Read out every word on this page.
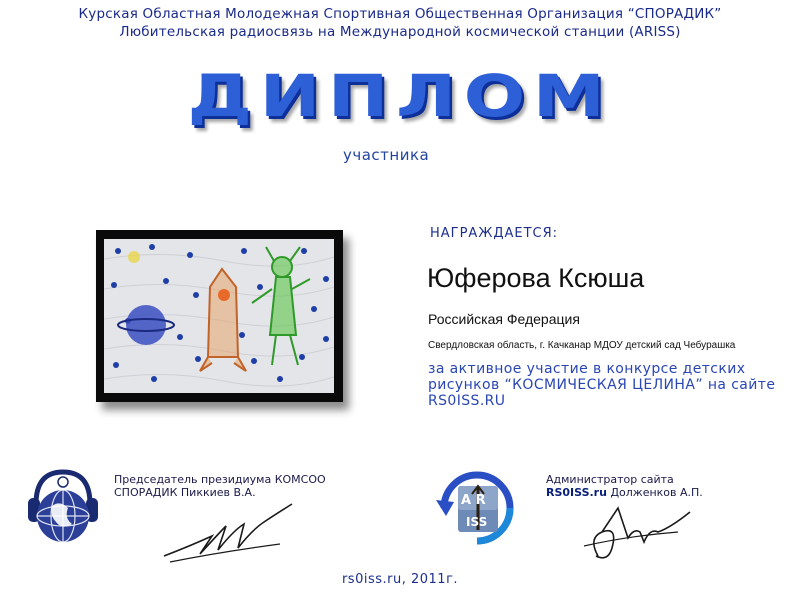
Курская Областная Молодежная Спортивная Общественная Организация “СПОРАДИК”
Любительская радиосвязь на Международной космической станции (ARISS)
ДИПЛОМ
участника
НАГРАЖДАЕТСЯ:
Юферова Ксюша
Российская Федерация
Свердловская область, г. Качканар МДОУ детский сад Чебурашка
за активное участие в конкурсе детских рисунков “КОСМИЧЕСКАЯ ЦЕЛИНА” на сайте RS0ISS.RU
Председатель президиума КОМСОО СПОРАДИК Пиккиев В.А.
A R
ISS
Администратор сайта
RS0ISS.ru Долженков А.П.
rs0iss.ru, 2011г.
